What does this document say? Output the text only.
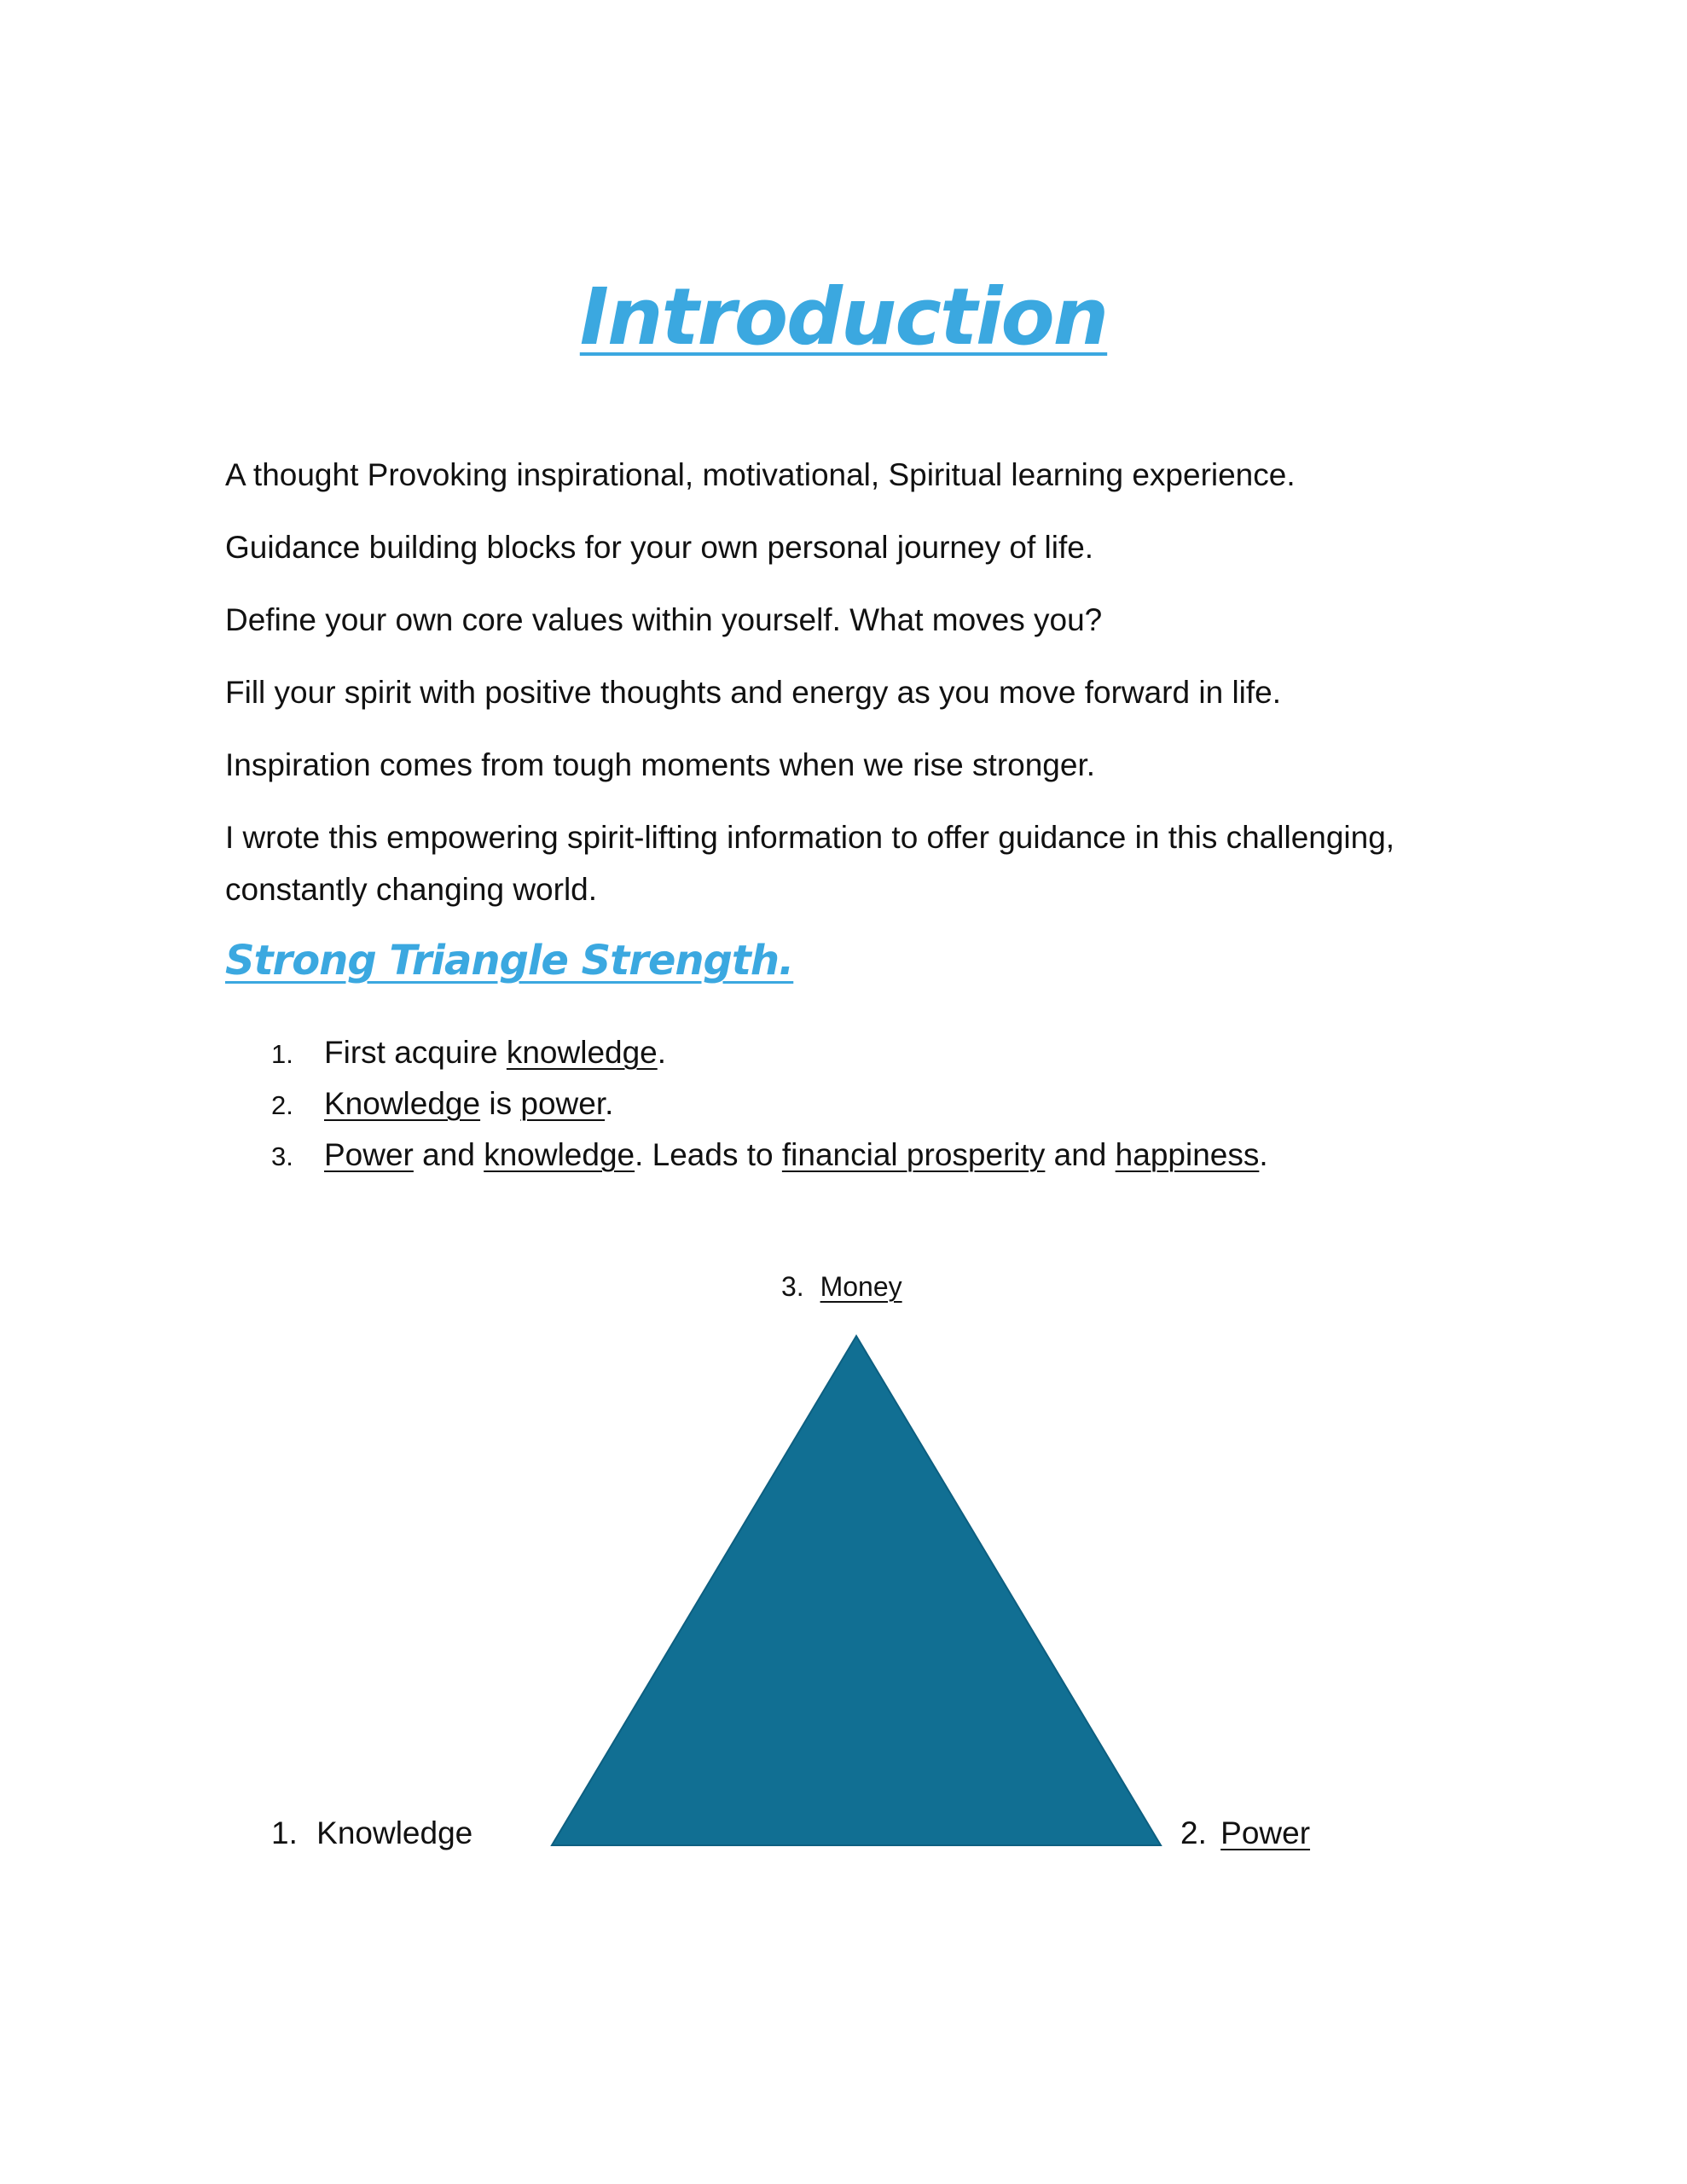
Introduction
A thought Provoking inspirational, motivational, Spiritual learning experience.
Guidance building blocks for your own personal journey of life.
Define your own core values within yourself. What moves you?
Fill your spirit with positive thoughts and energy as you move forward in life.
Inspiration comes from tough moments when we rise stronger.
I wrote this empowering spirit-lifting information to offer guidance in this challenging, constantly changing world.
Strong Triangle Strength.
1. First acquire knowledge.
2. Knowledge is power.
3. Power and knowledge. Leads to financial prosperity and happiness.
3. Money
1. Knowledge	2. Power
